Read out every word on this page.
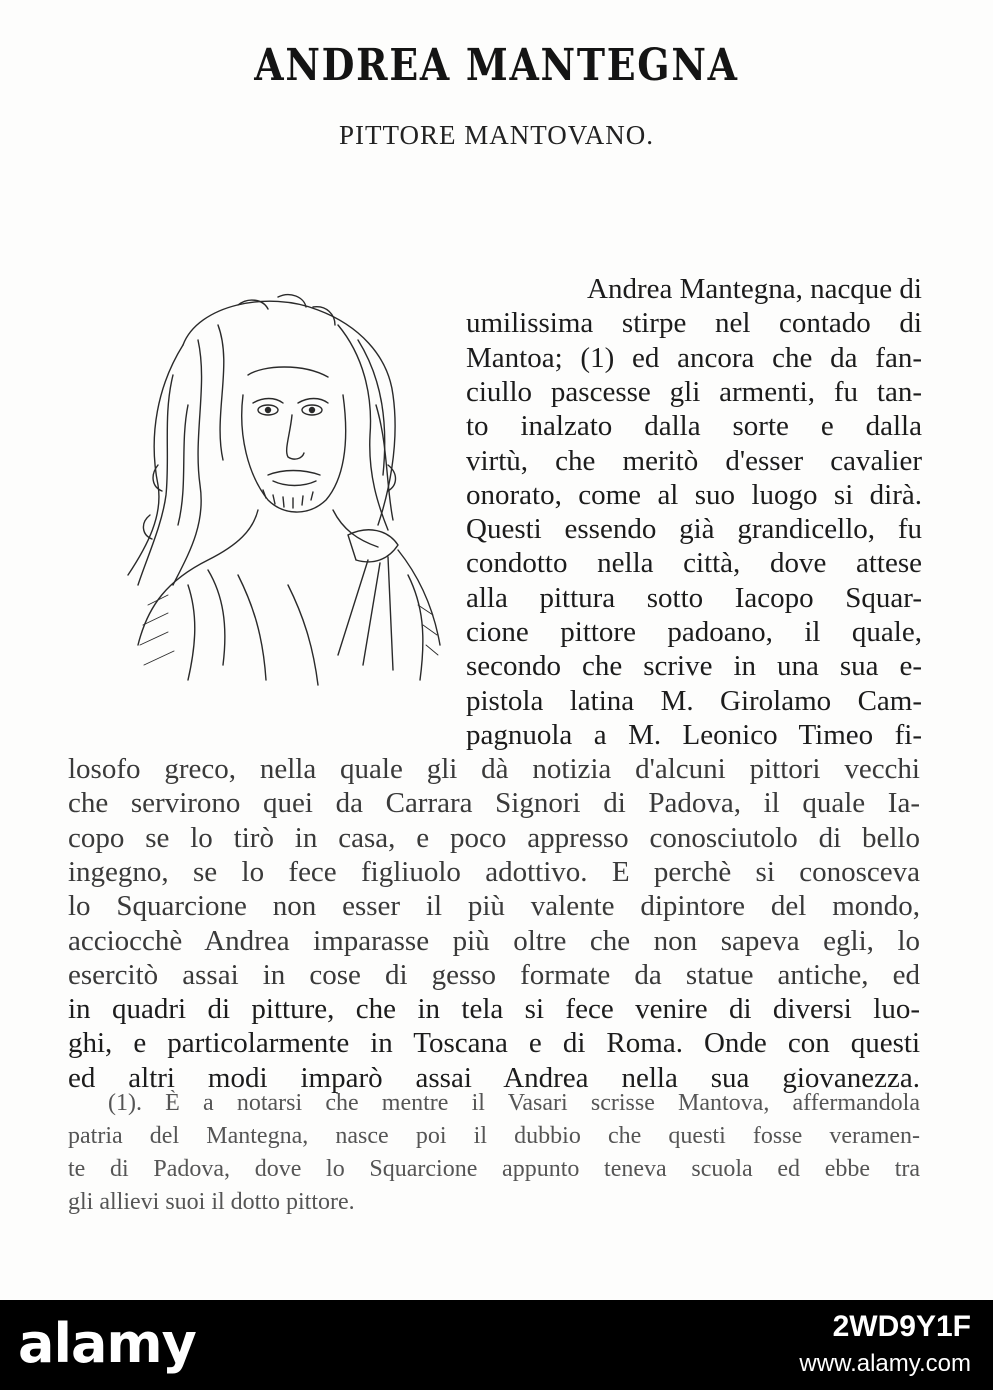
ANDREA MANTEGNA
PITTORE MANTOVANO.
Andrea Mantegna, nacque di
umilissima stirpe nel contado di
Mantoa; (1) ed ancora che da fan-
ciullo pascesse gli armenti, fu tan-
to inalzato dalla sorte e dalla
virtù, che meritò d'esser cavalier
onorato, come al suo luogo si dirà.
Questi essendo già grandicello, fu
condotto nella città, dove attese
alla pittura sotto Iacopo Squar-
cione pittore padoano, il quale,
secondo che scrive in una sua e-
pistola latina M. Girolamo Cam-
pagnuola a M. Leonico Timeo fi-
losofo greco, nella quale gli dà notizia d'alcuni pittori vecchi
che servirono quei da Carrara Signori di Padova, il quale Ia-
copo se lo tirò in casa, e poco appresso conosciutolo di bello
ingegno, se lo fece figliuolo adottivo. E perchè si conosceva
lo Squarcione non esser il più valente dipintore del mondo,
acciocchè Andrea imparasse più oltre che non sapeva egli, lo
esercitò assai in cose di gesso formate da statue antiche, ed
in quadri di pitture, che in tela si fece venire di diversi luo-
ghi, e particolarmente in Toscana e di Roma. Onde con questi
ed altri modi imparò assai Andrea nella sua giovanezza.
(1). È a notarsi che mentre il Vasari scrisse Mantova, affermandola
patria del Mantegna, nasce poi il dubbio che questi fosse veramen-
te di Padova, dove lo Squarcione appunto teneva scuola ed ebbe tra
gli allievi suoi il dotto pittore.
alamy	2WD9Y1F
www.alamy.com
